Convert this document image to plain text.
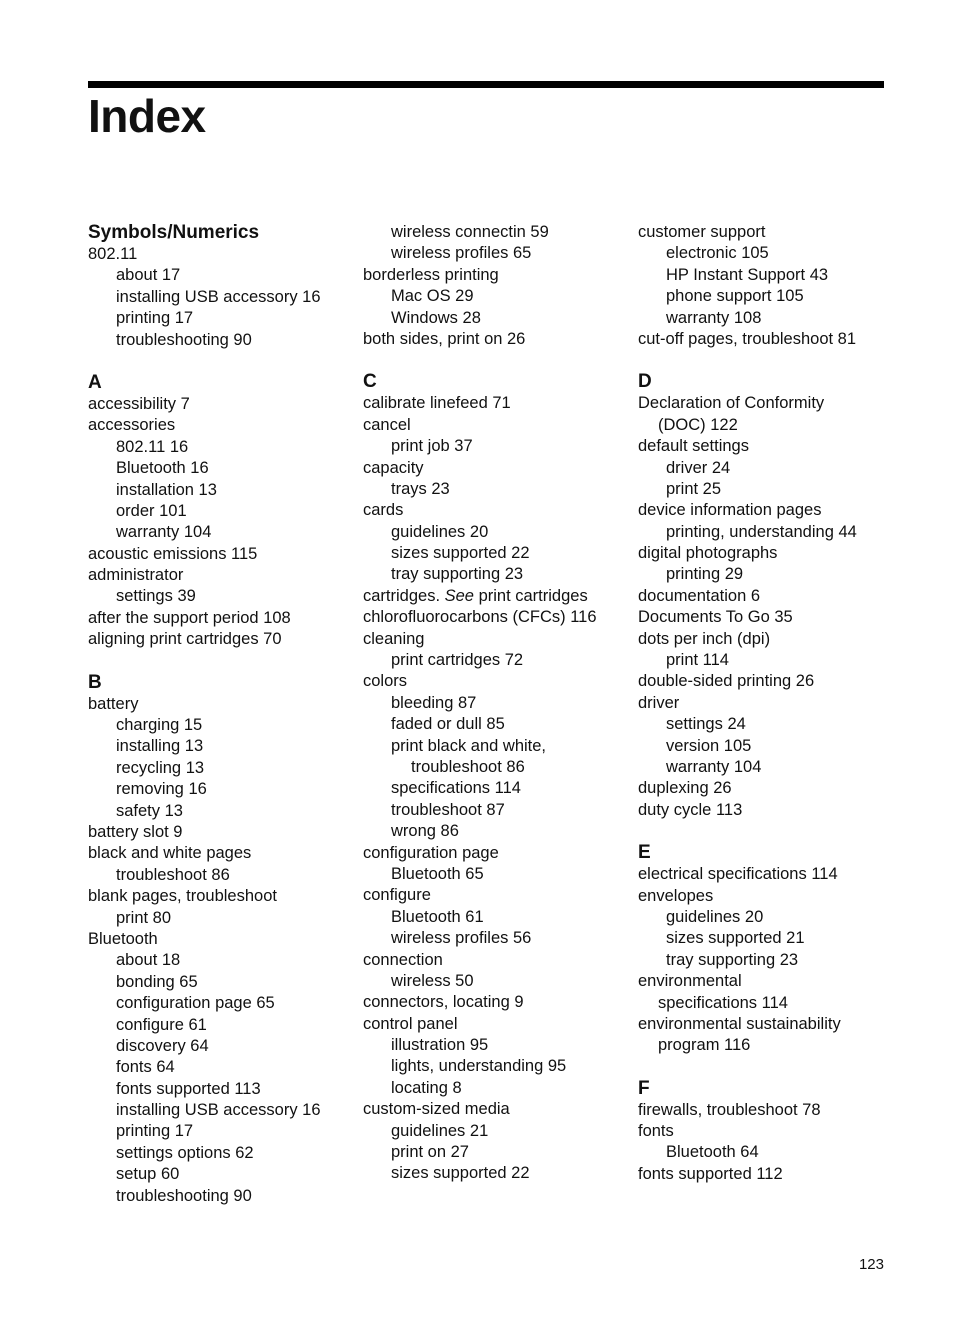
Index
Symbols/Numerics
802.11
about 17
installing USB accessory 16
printing 17
troubleshooting 90
A
accessibility 7
accessories
802.11 16
Bluetooth 16
installation 13
order 101
warranty 104
acoustic emissions 115
administrator
settings 39
after the support period 108
aligning print cartridges 70
B
battery
charging 15
installing 13
recycling 13
removing 16
safety 13
battery slot 9
black and white pages
troubleshoot 86
blank pages, troubleshoot
print 80
Bluetooth
about 18
bonding 65
configuration page 65
configure 61
discovery 64
fonts 64
fonts supported 113
installing USB accessory 16
printing 17
settings options 62
setup 60
troubleshooting 90
wireless connectin 59
wireless profiles 65
borderless printing
Mac OS 29
Windows 28
both sides, print on 26
C
calibrate linefeed 71
cancel
print job 37
capacity
trays 23
cards
guidelines 20
sizes supported 22
tray supporting 23
cartridges. See print cartridges
chlorofluorocarbons (CFCs) 116
cleaning
print cartridges 72
colors
bleeding 87
faded or dull 85
print black and white,
troubleshoot 86
specifications 114
troubleshoot 87
wrong 86
configuration page
Bluetooth 65
configure
Bluetooth 61
wireless profiles 56
connection
wireless 50
connectors, locating 9
control panel
illustration 95
lights, understanding 95
locating 8
custom-sized media
guidelines 21
print on 27
sizes supported 22
customer support
electronic 105
HP Instant Support 43
phone support 105
warranty 108
cut-off pages, troubleshoot 81
D
Declaration of Conformity
(DOC) 122
default settings
driver 24
print 25
device information pages
printing, understanding 44
digital photographs
printing 29
documentation 6
Documents To Go 35
dots per inch (dpi)
print 114
double-sided printing 26
driver
settings 24
version 105
warranty 104
duplexing 26
duty cycle 113
E
electrical specifications 114
envelopes
guidelines 20
sizes supported 21
tray supporting 23
environmental
specifications 114
environmental sustainability
program 116
F
firewalls, troubleshoot 78
fonts
Bluetooth 64
fonts supported 112
123
